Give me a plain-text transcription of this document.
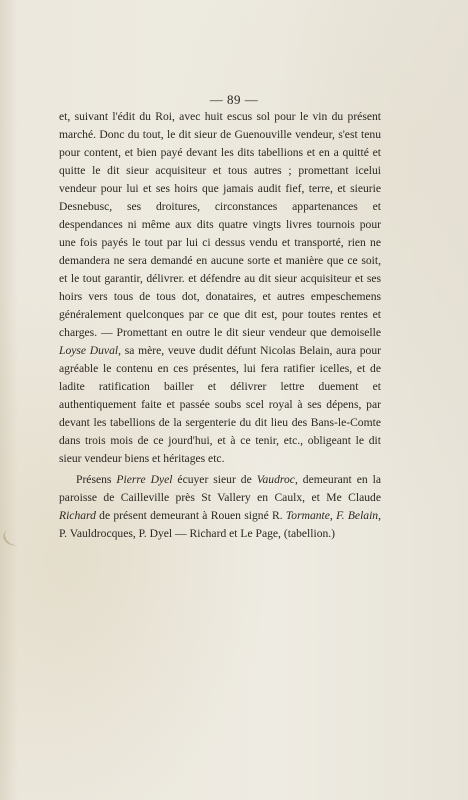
— 89 —

et, suivant l'édit du Roi, avec huit escus sol pour le vin du présent marché. Donc du tout, le dit sieur de Guenouville vendeur, s'est tenu pour content, et bien payé devant les dits tabellions et en a quitté et quitte le dit sieur acquisiteur et tous autres ; promettant icelui vendeur pour lui et ses hoirs que jamais audit fief, terre, et sieurie Desnebusc, ses droitures, circonstances appartenances et despendances ni même aux dits quatre vingts livres tournois pour une fois payés le tout par lui ci dessus vendu et transporté, rien ne demandera ne sera demandé en aucune sorte et manière que ce soit, et le tout garantir, délivrer. et défendre au dit sieur acquisiteur et ses hoirs vers tous de tous dot, donataires, et autres empeschemens généralement quelconques par ce que dit est, pour toutes rentes et charges. — Promettant en outre le dit sieur vendeur que demoiselle Loyse Duval, sa mère, veuve dudit défunt Nicolas Belain, aura pour agréable le contenu en ces présentes, lui fera ratifier icelles, et de ladite ratification bailler et délivrer lettre duement et authentiquement faite et passée soubs scel royal à ses dépens, par devant les tabellions de la sergenterie du dit lieu des Bans-le-Comte dans trois mois de ce jourd'hui, et à ce tenir, etc., obligeant le dit sieur vendeur biens et héritages etc.

Présens Pierre Dyel écuyer sieur de Vaudroc, demeurant en la paroisse de Cailleville près St Vallery en Caulx, et Me Claude Richard de présent demeurant à Rouen signé R. Tormante, F. Belain, P. Vauldrocques, P. Dyel — Richard et Le Page, (tabellion.)
